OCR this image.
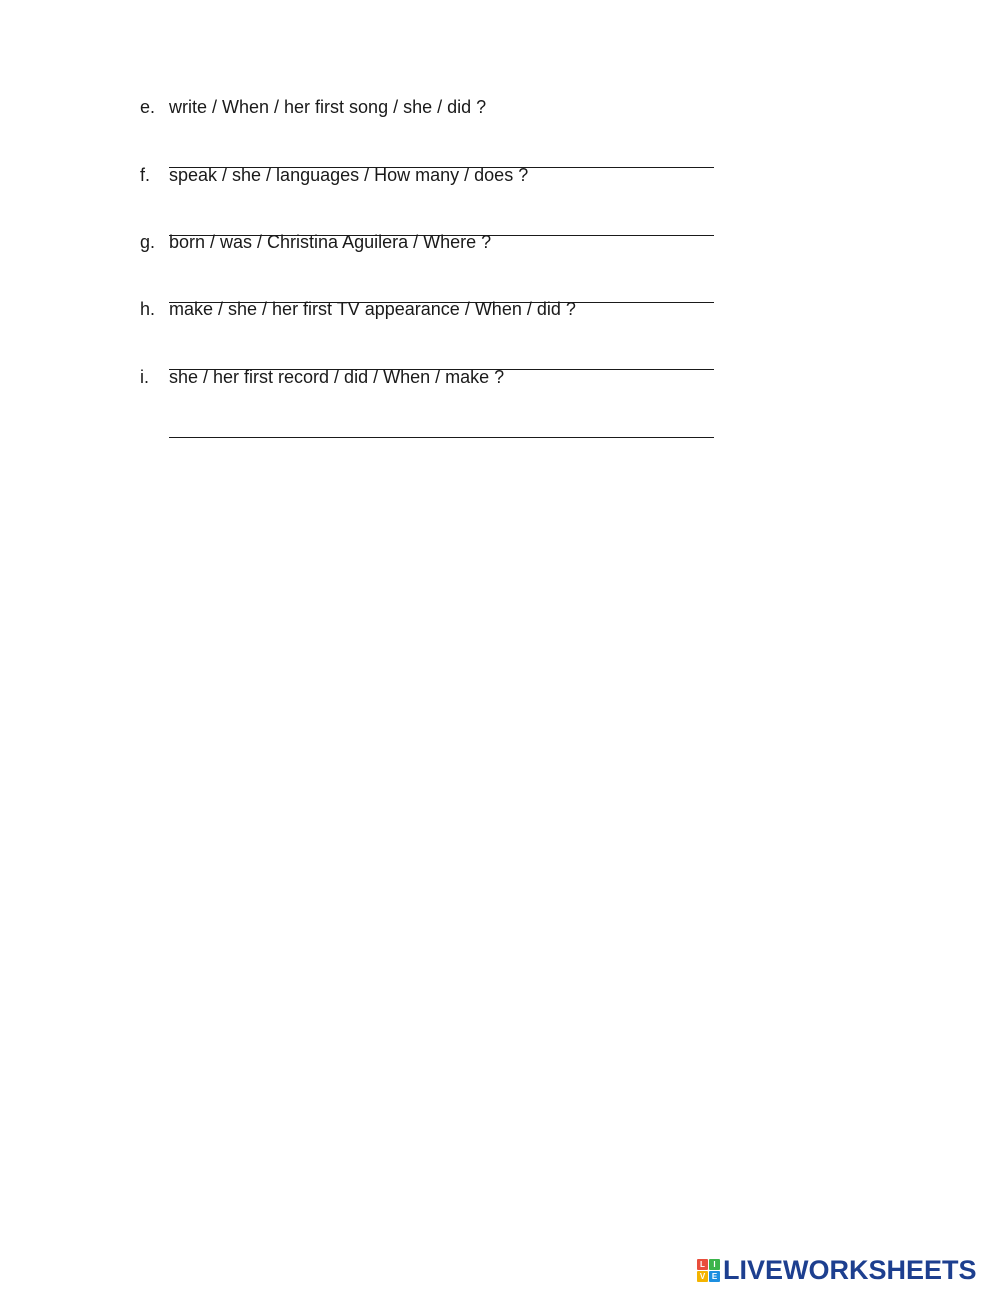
e. write / When / her first song / she / did ?
f. speak / she / languages / How many / does ?
g. born / was / Christina Aguilera / Where ?
h. make / she / her first TV appearance / When / did ?
i. she / her first record / did / When / make ?
L	I
V E LIVEWORKSHEETS
